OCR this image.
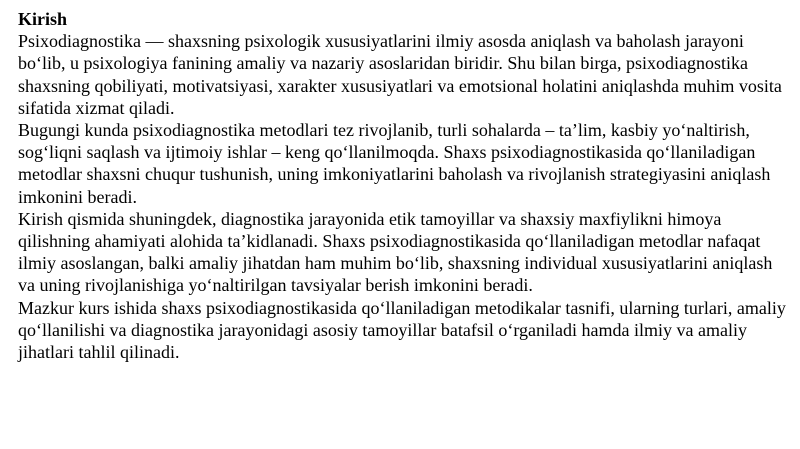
Kirish

Psixodiagnostika — shaxsning psixologik xususiyatlarini ilmiy asosda aniqlash va baholash jarayoni bo‘lib, u psixologiya fanining amaliy va nazariy asoslaridan biridir. Shu bilan birga, psixodiagnostika shaxsning qobiliyati, motivatsiyasi, xarakter xususiyatlari va emotsional holatini aniqlashda muhim vosita sifatida xizmat qiladi.

Bugungi kunda psixodiagnostika metodlari tez rivojlanib, turli sohalarda – ta’lim, kasbiy yo‘naltirish, sog‘liqni saqlash va ijtimoiy ishlar – keng qo‘llanilmoqda. Shaxs psixodiagnostikasida qo‘llaniladigan metodlar shaxsni chuqur tushunish, uning imkoniyatlarini baholash va rivojlanish strategiyasini aniqlash imkonini beradi.

Kirish qismida shuningdek, diagnostika jarayonida etik tamoyillar va shaxsiy maxfiylikni himoya qilishning ahamiyati alohida ta’kidlanadi. Shaxs psixodiagnostikasida qo‘llaniladigan metodlar nafaqat ilmiy asoslangan, balki amaliy jihatdan ham muhim bo‘lib, shaxsning individual xususiyatlarini aniqlash va uning rivojlanishiga yo‘naltirilgan tavsiyalar berish imkonini beradi.

Mazkur kurs ishida shaxs psixodiagnostikasida qo‘llaniladigan metodikalar tasnifi, ularning turlari, amaliy qo‘llanilishi va diagnostika jarayonidagi asosiy tamoyillar batafsil o‘rganiladi hamda ilmiy va amaliy jihatlari tahlil qilinadi.
